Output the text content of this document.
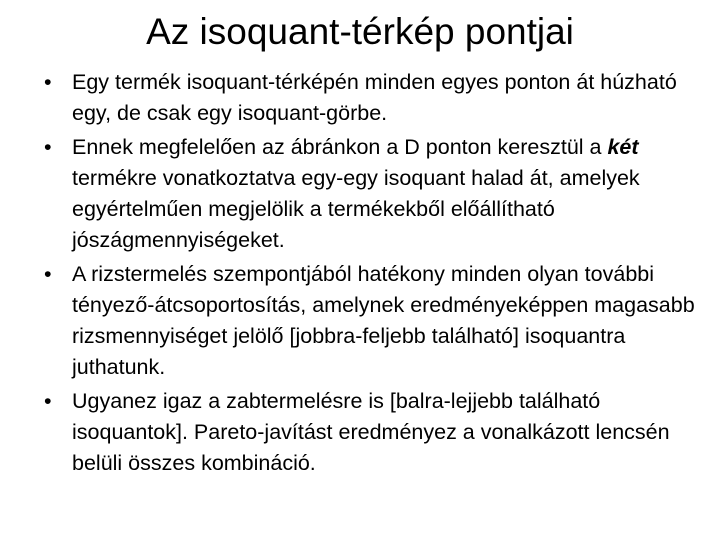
Az isoquant-térkép pontjai
• Egy termék isoquant-térképén minden egyes ponton át húzható egy, de csak egy isoquant-görbe.
• Ennek megfelelően az ábránkon a D ponton keresztül a két termékre vonatkoztatva egy-egy isoquant halad át, amelyek egyértelműen megjelölik a termékekből előállítható jószágmennyiségeket.
• A rizstermelés szempontjából hatékony minden olyan további tényező-átcsoportosítás, amelynek eredményeképpen magasabb rizsmennyiséget jelölő [jobbra-feljebb található] isoquantra juthatunk.
• Ugyanez igaz a zabtermelésre is [balra-lejjebb található isoquantok]. Pareto-javítást eredményez a vonalkázott lencsén belüli összes kombináció.
